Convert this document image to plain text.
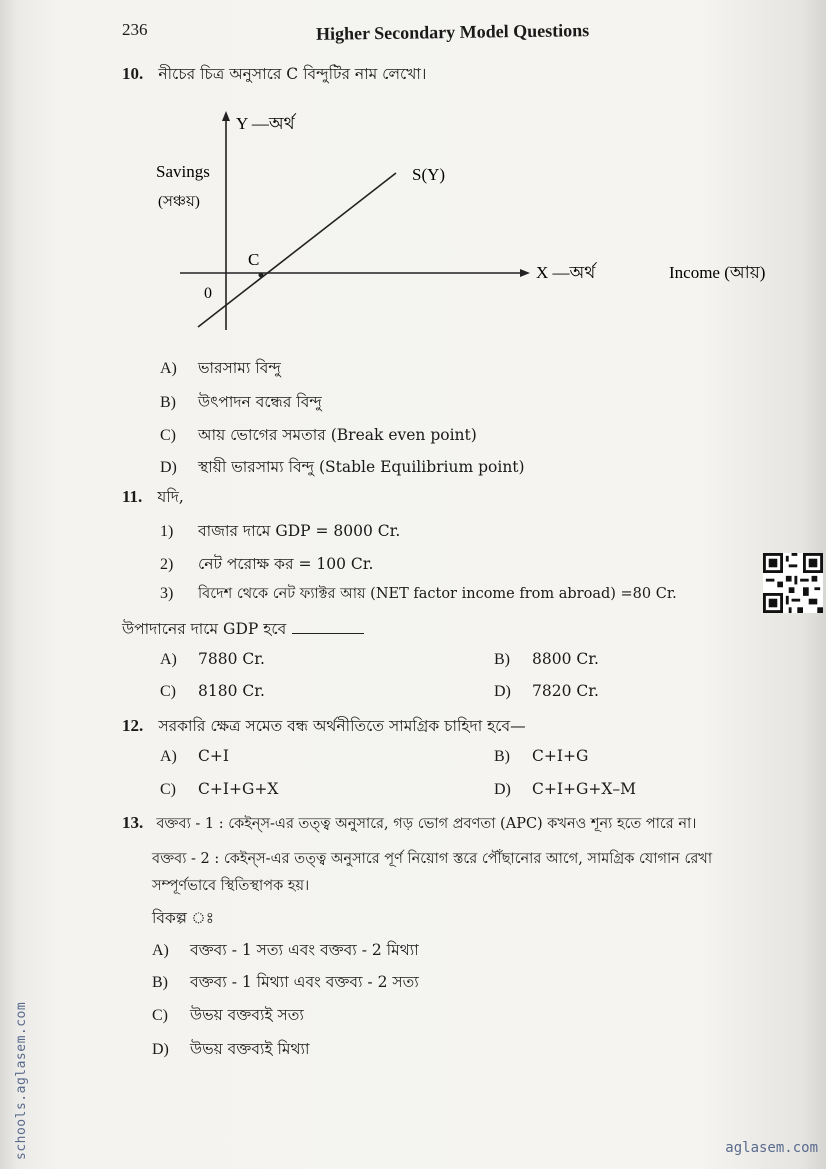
236	Higher Secondary Model Questions
10. নীচের চিত্র অনুসারে C বিন্দুটির নাম লেখো।
Y —অর্থ
Savings
(সঞ্চয়)
S(Y)
C
0
X —অর্থ	Income (আয়)
A) ভারসাম্য বিন্দু
B) উৎপাদন বন্ধের বিন্দু
C) আয় ভোগের সমতার (Break even point)
D) স্থায়ী ভারসাম্য বিন্দু (Stable Equilibrium point)
11. যদি,
1) বাজার দামে GDP = 8000 Cr.
2) নেট পরোক্ষ কর = 100 Cr.
3) বিদেশ থেকে নেট ফ্যাক্টর আয় (NET factor income from abroad) =80 Cr.
উপাদানের দামে GDP হবে
A) 7880 Cr.	B) 8800 Cr.
C) 8180 Cr.	D) 7820 Cr.
12. সরকারি ক্ষেত্র সমেত বন্ধ অর্থনীতিতে সামগ্রিক চাহিদা হবে—
A) C+I	B) C+I+G
C) C+I+G+X	D) C+I+G+X–M
13. বক্তব্য - 1 : কেইন্‌স-এর তত্ত্ব অনুসারে, গড় ভোগ প্রবণতা (APC) কখনও শূন্য হতে পারে না।
বক্তব্য - 2 : কেইন্‌স-এর তত্ত্ব অনুসারে পূর্ণ নিয়োগ স্তরে পৌঁছানোর আগে, সামগ্রিক যোগান রেখা
সম্পূর্ণভাবে স্থিতিস্থাপক হয়।
বিকল্প ঃ
A) বক্তব্য - 1 সত্য এবং বক্তব্য - 2 মিথ্যা
B) বক্তব্য - 1 মিথ্যা এবং বক্তব্য - 2 সত্য
C) উভয় বক্তব্যই সত্য
D) উভয় বক্তব্যই মিথ্যা
schools.aglasem.com	aglasem.com
